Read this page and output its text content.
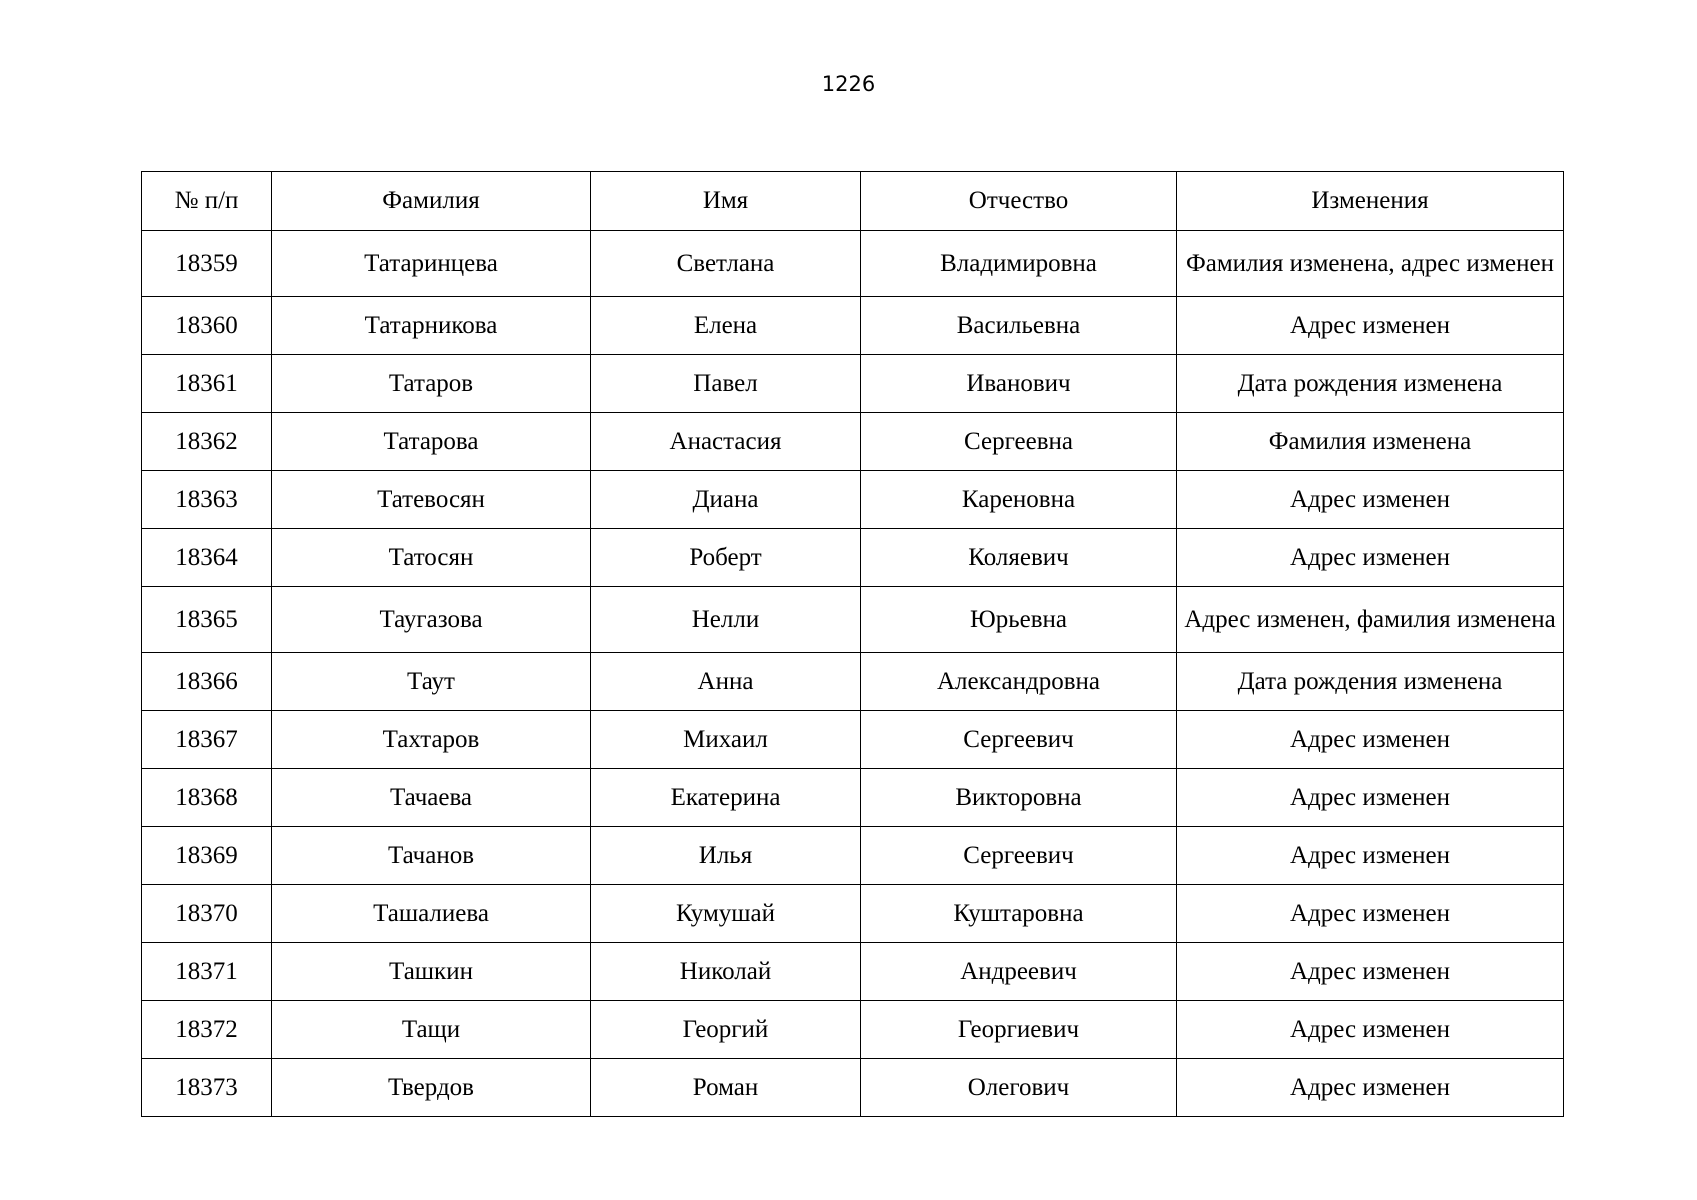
1226
№ п/п	Фамилия	Имя	Отчество	Изменения
18359	Татаринцева	Светлана	Владимировна	Фамилия изменена, адрес изменен
18360	Татарникова	Елена	Васильевна	Адрес изменен
18361	Татаров	Павел	Иванович	Дата рождения изменена
18362	Татарова	Анастасия	Сергеевна	Фамилия изменена
18363	Татевосян	Диана	Кареновна	Адрес изменен
18364	Татосян	Роберт	Коляевич	Адрес изменен
18365	Таугазова	Нелли	Юрьевна	Адрес изменен, фамилия изменена
18366	Таут	Анна	Александровна	Дата рождения изменена
18367	Тахтаров	Михаил	Сергеевич	Адрес изменен
18368	Тачаева	Екатерина	Викторовна	Адрес изменен
18369	Тачанов	Илья	Сергеевич	Адрес изменен
18370	Ташалиева	Кумушай	Куштаровна	Адрес изменен
18371	Ташкин	Николай	Андреевич	Адрес изменен
18372	Тащи	Георгий	Георгиевич	Адрес изменен
18373	Твердов	Роман	Олегович	Адрес изменен
